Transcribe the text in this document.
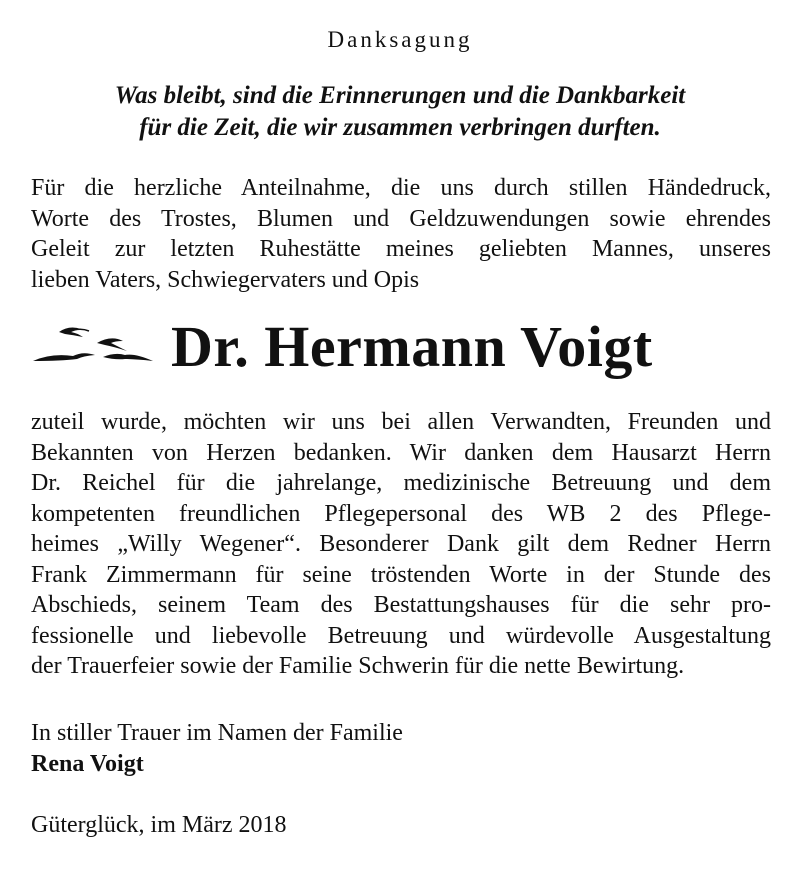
Danksagung
Was bleibt, sind die Erinnerungen und die Dankbarkeit
für die Zeit, die wir zusammen verbringen durften.
Für die herzliche Anteilnahme, die uns durch stillen Händedruck,
Worte des Trostes, Blumen und Geldzuwendungen sowie ehrendes
Geleit zur letzten Ruhestätte meines geliebten Mannes, unseres
lieben Vaters, Schwiegervaters und Opis
Dr. Hermann Voigt
zuteil wurde, möchten wir uns bei allen Verwandten, Freunden und
Bekannten von Herzen bedanken. Wir danken dem Hausarzt Herrn
Dr. Reichel für die jahrelange, medizinische Betreuung und dem
kompetenten freundlichen Pflegepersonal des WB 2 des Pflege-
heimes „Willy Wegener“. Besonderer Dank gilt dem Redner Herrn
Frank Zimmermann für seine tröstenden Worte in der Stunde des
Abschieds, seinem Team des Bestattungshauses für die sehr pro-
fessionelle und liebevolle Betreuung und würdevolle Ausgestaltung
der Trauerfeier sowie der Familie Schwerin für die nette Bewirtung.
In stiller Trauer im Namen der Familie
Rena Voigt
Güterglück, im März 2018
